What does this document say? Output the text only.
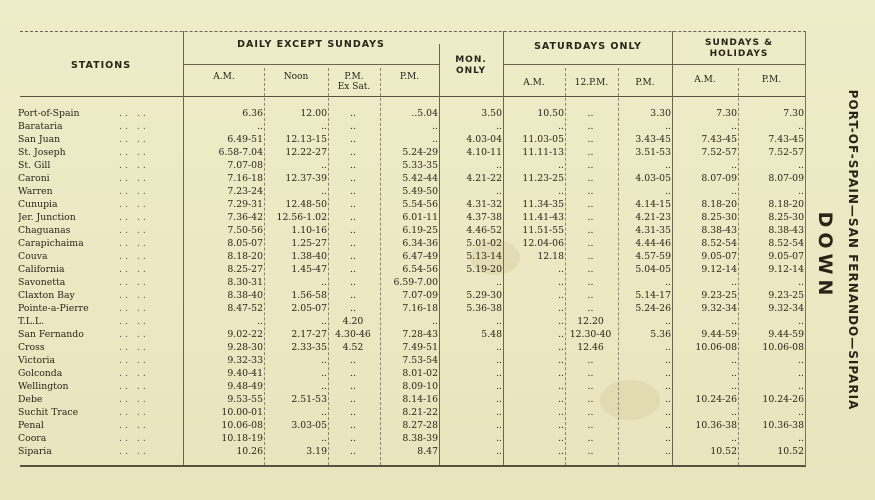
STATIONS
DAILY EXCEPT SUNDAYS
MON. ONLY
SATURDAYS ONLY	SUNDAYS & HOLIDAYS
A.M.	Noon	P.M.
Ex Sat.
P.M.
A.M.	12.P.M.	P.M.	A.M.	P.M.
Port-of-Spain	.. ..	6.36	12.00	..	..5.04	3.50	10.50	..	3.30	7.30	7.30
Barataria	.. ..	..	..	..	..	..	..	..	..	..	..
San Juan	.. ..	6.49-51	12.13-15	..	..	4.03-04	11.03-05	..	3.43-45	7.43-45	7.43-45
St. Joseph	.. ..	6.58-7.04	12.22-27	..	5.24-29	4.10-11	11.11-13	..	3.51-53	7.52-57	7.52-57
St. Gill	.. ..	7.07-08	..	..	5.33-35	..	..	..	..	..	..
Caroni	.. ..	7.16-18	12.37-39	..	5.42-44	4.21-22	11.23-25	..	4.03-05	8.07-09	8.07-09
Warren	.. ..	7.23-24	..	..	5.49-50	..	..	..	..	..	..
Cunupia	.. ..	7.29-31	12.48-50	..	5.54-56	4.31-32	11.34-35	..	4.14-15	8.18-20	8.18-20
Jer. Junction	.. ..	7.36-42	12.56-1.02	..	6.01-11	4.37-38	11.41-43	..	4.21-23	8.25-30	8.25-30
Chaguanas	.. ..	7.50-56	1.10-16	..	6.19-25	4.46-52	11.51-55	..	4.31-35	8.38-43	8.38-43
Carapichaima	.. ..	8.05-07	1.25-27	..	6.34-36	5.01-02	12.04-06	..	4.44-46	8.52-54	8.52-54
Couva	.. ..	8.18-20	1.38-40	..	6.47-49	5.13-14	12.18	..	4.57-59	9.05-07	9.05-07
California	.. ..	8.25-27	1.45-47	..	6.54-56	5.19-20	..	..	5.04-05	9.12-14	9.12-14
Savonetta	.. ..	8.30-31	..	..	6.59-7.00	..	..	..	..	..	..
Claxton Bay	.. ..	8.38-40	1.56-58	..	7.07-09	5.29-30	..	..	5.14-17	9.23-25	9.23-25
Pointe-a-Pierre	.. ..	8.47-52	2.05-07	..	7.16-18	5.36-38	..	..	5.24-26	9.32-34	9.32-34
T.L.L.	.. ..	..	..	4.20	..	..	..	12.20	..	..	..
San Fernando	.. ..	9.02-22	2.17-27	4.30-46	7.28-43	5.48	..	12.30-40	5.36	9.44-59	9.44-59
Cross	.. ..	9.28-30	2.33-35	4.52	7.49-51	..	..	12.46	..	10.06-08	10.06-08
Victoria	.. ..	9.32-33	..	..	7.53-54	..	..	..	..	..	..
Golconda	.. ..	9.40-41	..	..	8.01-02	..	..	..	..	..	..
Wellington	.. ..	9.48-49	..	..	8.09-10	..	..	..	..	..	..
Debe	.. ..	9.53-55	2.51-53	..	8.14-16	..	..	..	..	10.24-26	10.24-26
Suchit Trace	.. ..	10.00-01	..	..	8.21-22	..	..	..	..	..	..
Penal	.. ..	10.06-08	3.03-05	..	8.27-28	..	..	..	..	10.36-38	10.36-38
Coora	.. ..	10.18-19	..	..	8.38-39	..	..	..	..	..	..
Siparia	.. ..	10.26	3.19	..	8.47	..	..	..	..	10.52	10.52
DOWN PORT-OF-SPAIN—SAN FERNANDO—SIPARIA
